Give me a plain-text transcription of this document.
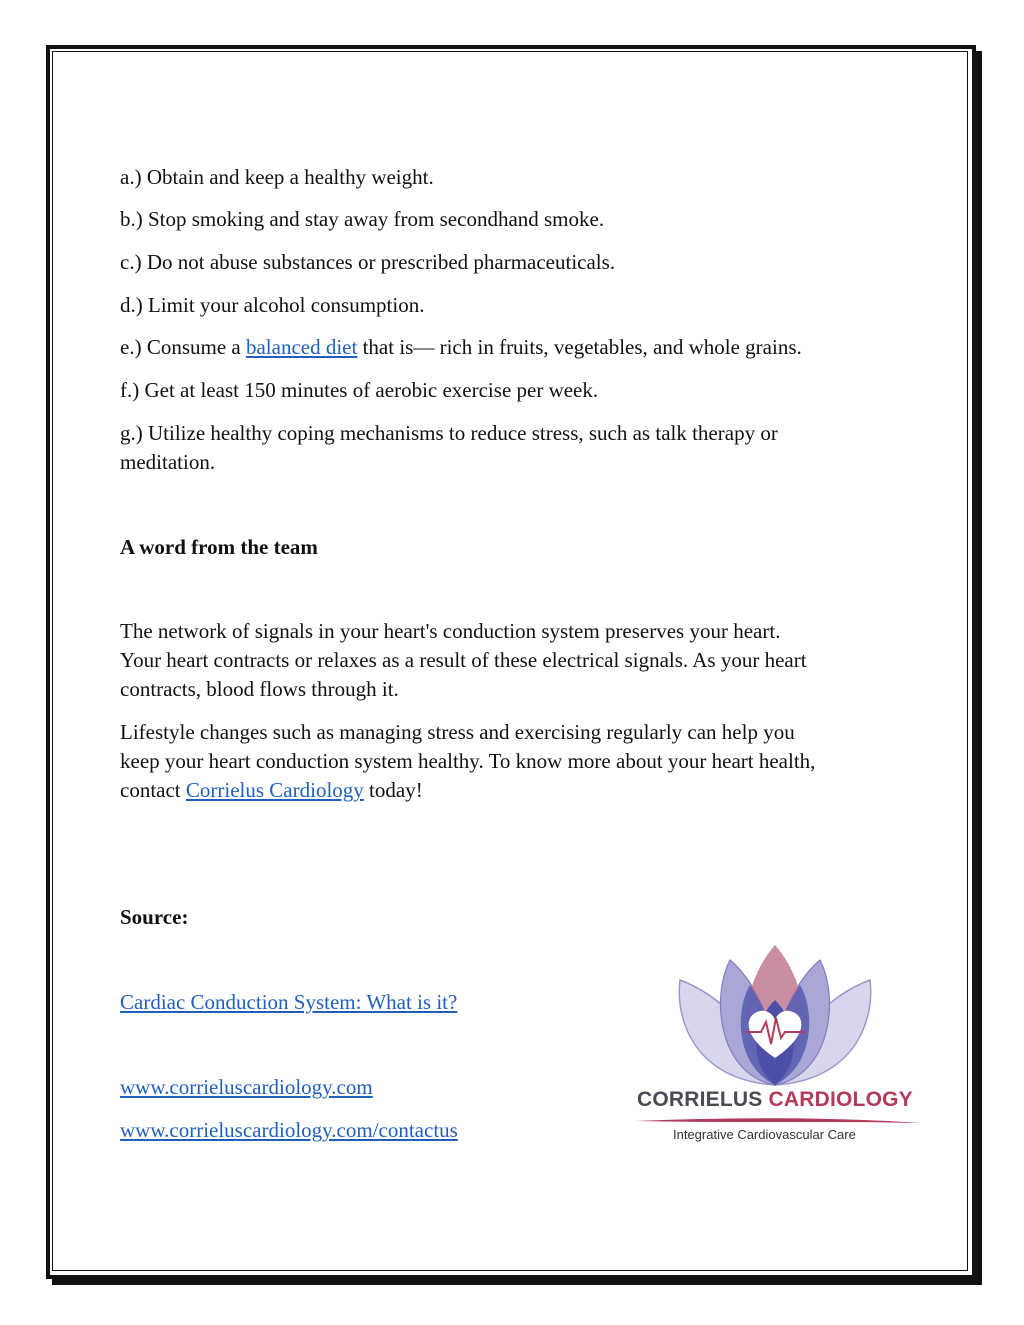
a.) Obtain and keep a healthy weight.

b.) Stop smoking and stay away from secondhand smoke.

c.) Do not abuse substances or prescribed pharmaceuticals.

d.) Limit your alcohol consumption.

e.) Consume a balanced diet that is— rich in fruits, vegetables, and whole grains.

f.) Get at least 150 minutes of aerobic exercise per week.

g.) Utilize healthy coping mechanisms to reduce stress, such as talk therapy or

meditation.

A word from the team

The network of signals in your heart's conduction system preserves your heart.

Your heart contracts or relaxes as a result of these electrical signals. As your heart

contracts, blood flows through it.

Lifestyle changes such as managing stress and exercising regularly can help you

keep your heart conduction system healthy. To know more about your heart health,

contact Corrielus Cardiology today!

Source:

Cardiac Conduction System: What is it?

www.corrieluscardiology.com

www.corrieluscardiology.com/contactus

CORRIELUS CARDIOLOGY
Integrative Cardiovascular Care
